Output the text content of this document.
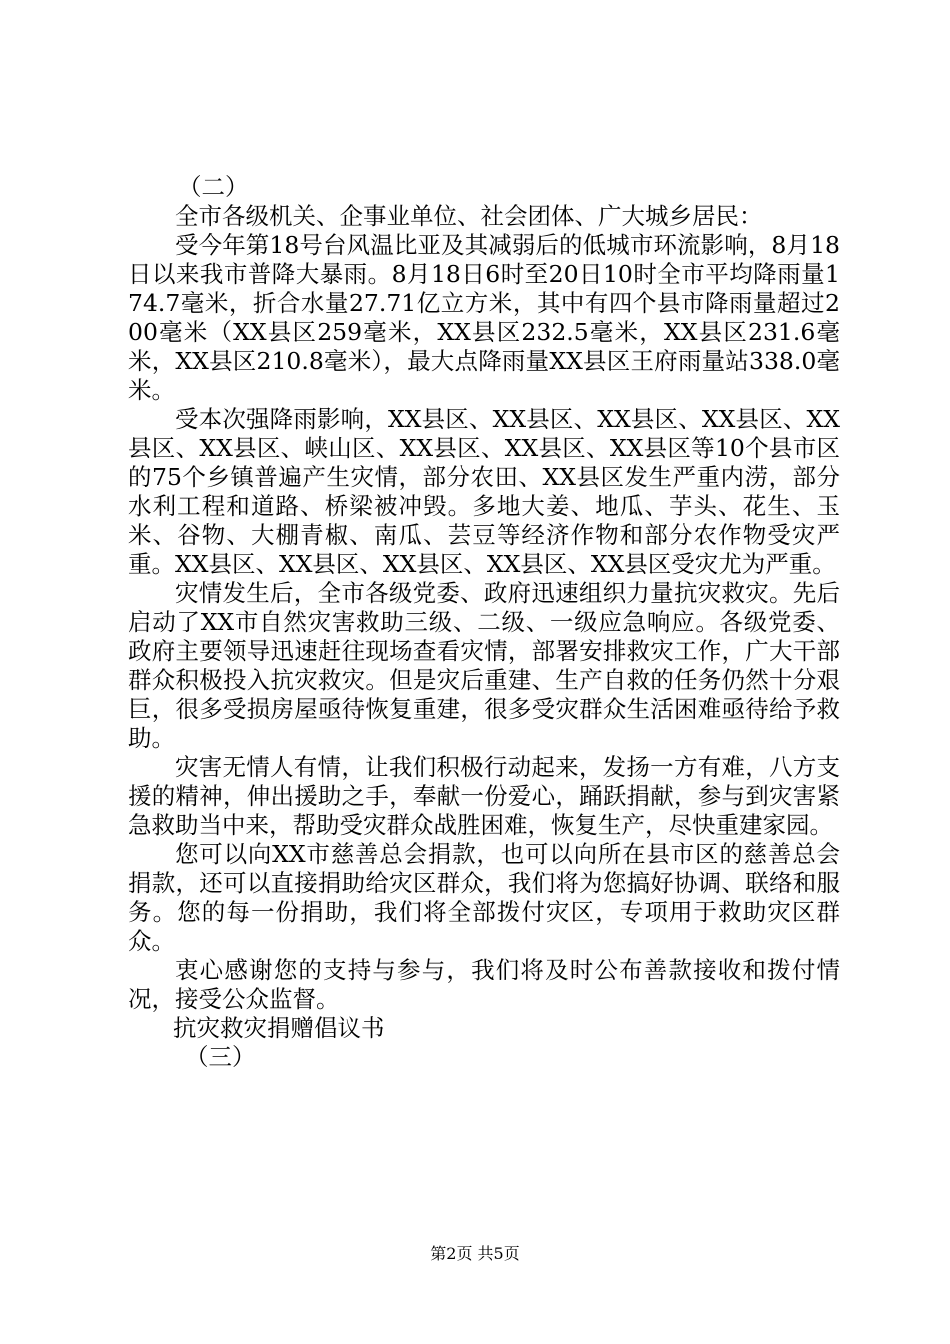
（二）

全市各级机关、企事业单位、社会团体、广大城乡居民：

受今年第18号台风温比亚及其减弱后的低城市环流影响，8月18日以来我市普降大暴雨。8月18日6时至20日10时全市平均降雨量174.7毫米，折合水量27.71亿立方米，其中有四个县市降雨量超过200毫米（XX县区259毫米，XX县区232.5毫米，XX县区231.6毫米，XX县区210.8毫米），最大点降雨量XX县区王府雨量站338.0毫米。

受本次强降雨影响，XX县区、XX县区、XX县区、XX县区、XX县区、XX县区、峡山区、XX县区、XX县区、XX县区等10个县市区的75个乡镇普遍产生灾情，部分农田、XX县区发生严重内涝，部分水利工程和道路、桥梁被冲毁。多地大姜、地瓜、芋头、花生、玉米、谷物、大棚青椒、南瓜、芸豆等经济作物和部分农作物受灾严重。XX县区、XX县区、XX县区、XX县区、XX县区受灾尤为严重。

灾情发生后，全市各级党委、政府迅速组织力量抗灾救灾。先后启动了XX市自然灾害救助三级、二级、一级应急响应。各级党委、政府主要领导迅速赶往现场查看灾情，部署安排救灾工作，广大干部群众积极投入抗灾救灾。但是灾后重建、生产自救的任务仍然十分艰巨，很多受损房屋亟待恢复重建，很多受灾群众生活困难亟待给予救助。

灾害无情人有情，让我们积极行动起来，发扬一方有难，八方支援的精神，伸出援助之手，奉献一份爱心，踊跃捐献，参与到灾害紧急救助当中来，帮助受灾群众战胜困难，恢复生产，尽快重建家园。

您可以向XX市慈善总会捐款，也可以向所在县市区的慈善总会捐款，还可以直接捐助给灾区群众，我们将为您搞好协调、联络和服务。您的每一份捐助，我们将全部拨付灾区，专项用于救助灾区群众。

衷心感谢您的支持与参与，我们将及时公布善款接收和拨付情况，接受公众监督。

抗灾救灾捐赠倡议书

（三）

第2页 共5页
